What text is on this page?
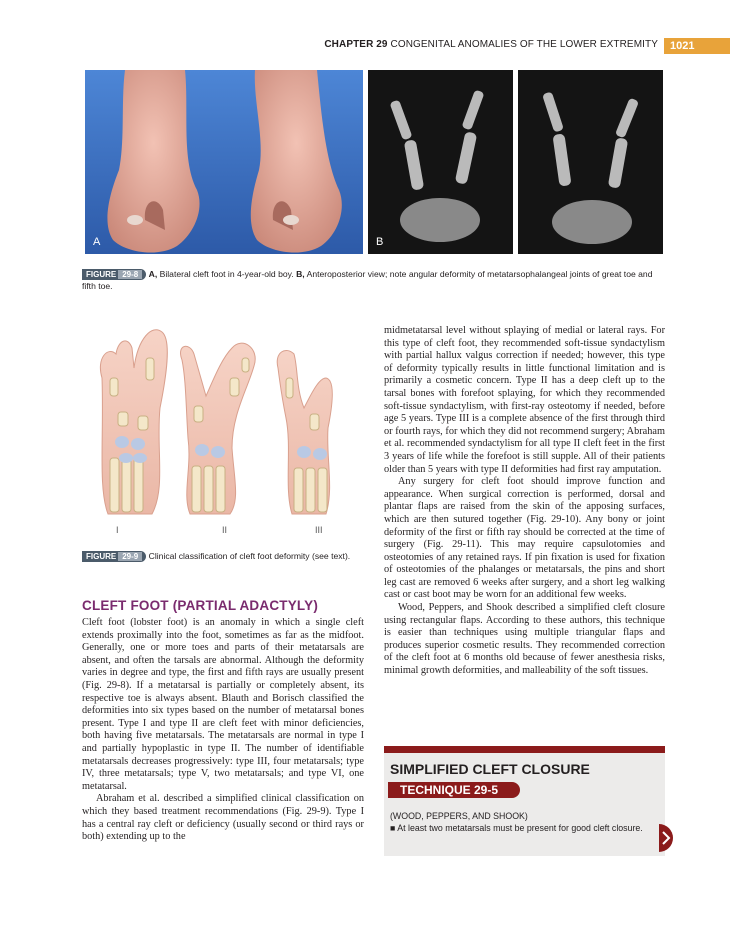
CHAPTER 29 CONGENITAL ANOMALIES OF THE LOWER EXTREMITY	1021
A	B
FIGURE 29-8 A, Bilateral cleft foot in 4-year-old boy. B, Anteroposterior view; note angular deformity of metatarsophalangeal joints of great toe and fifth toe.
I	II	III
FIGURE 29-9 Clinical classification of cleft foot deformity (see text).
CLEFT FOOT (PARTIAL ADACTYLY)

Cleft foot (lobster foot) is an anomaly in which a single cleft extends proximally into the foot, sometimes as far as the midfoot. Generally, one or more toes and parts of their metatarsals are absent, and often the tarsals are abnormal. Although the deformity varies in degree and type, the first and fifth rays are usually present (Fig. 29-8). If a metatarsal is partially or completely absent, its respective toe is always absent. Blauth and Borisch classified the deformities into six types based on the number of metatarsal bones present. Type I and type II are cleft feet with minor deficiencies, both having five metatarsals. The metatarsals are normal in type I and partially hypoplastic in type II. The number of identifiable metatarsals decreases progressively: type III, four metatarsals; type IV, three metatarsals; type V, two metatarsals; and type VI, one metatarsal.

Abraham et al. described a simplified clinical classification on which they based treatment recommendations (Fig. 29-9). Type I has a central ray cleft or deficiency (usually second or third rays or both) extending up to the

midmetatarsal level without splaying of medial or lateral rays. For this type of cleft foot, they recommended soft-tissue syndactylism with partial hallux valgus correction if needed; however, this type of deformity typically results in little functional limitation and is primarily a cosmetic concern. Type II has a deep cleft up to the tarsal bones with forefoot splaying, for which they recommended soft-tissue syndactylism, with first-ray osteotomy if needed, before age 5 years. Type III is a complete absence of the first through third or fourth rays, for which they did not recommend surgery; Abraham et al. recommended syndactylism for all type II cleft feet in the first 3 years of life while the forefoot is still supple. All of their patients older than 5 years with type II deformities had first ray amputation.

Any surgery for cleft foot should improve function and appearance. When surgical correction is performed, dorsal and plantar flaps are raised from the skin of the apposing surfaces, which are then sutured together (Fig. 29-10). Any bony or joint deformity of the first or fifth ray should be corrected at the time of surgery (Fig. 29-11). This may require capsulotomies and osteotomies of any retained rays. If pin fixation is used for fixation of osteotomies of the phalanges or metatarsals, the pins and short leg cast are removed 6 weeks after surgery, and a short leg walking cast or cast boot may be worn for an additional few weeks.

Wood, Peppers, and Shook described a simplified cleft closure using rectangular flaps. According to these authors, this technique is easier than techniques using multiple triangular flaps and produces superior cosmetic results. They recommended correction of the cleft foot at 6 months old because of fewer anesthesia risks, minimal growth deformities, and malleability of the soft tissues.

SIMPLIFIED CLEFT CLOSURE
TECHNIQUE 29-5
(WOOD, PEPPERS, AND SHOOK)
■ At least two metatarsals must be present for good cleft closure.
